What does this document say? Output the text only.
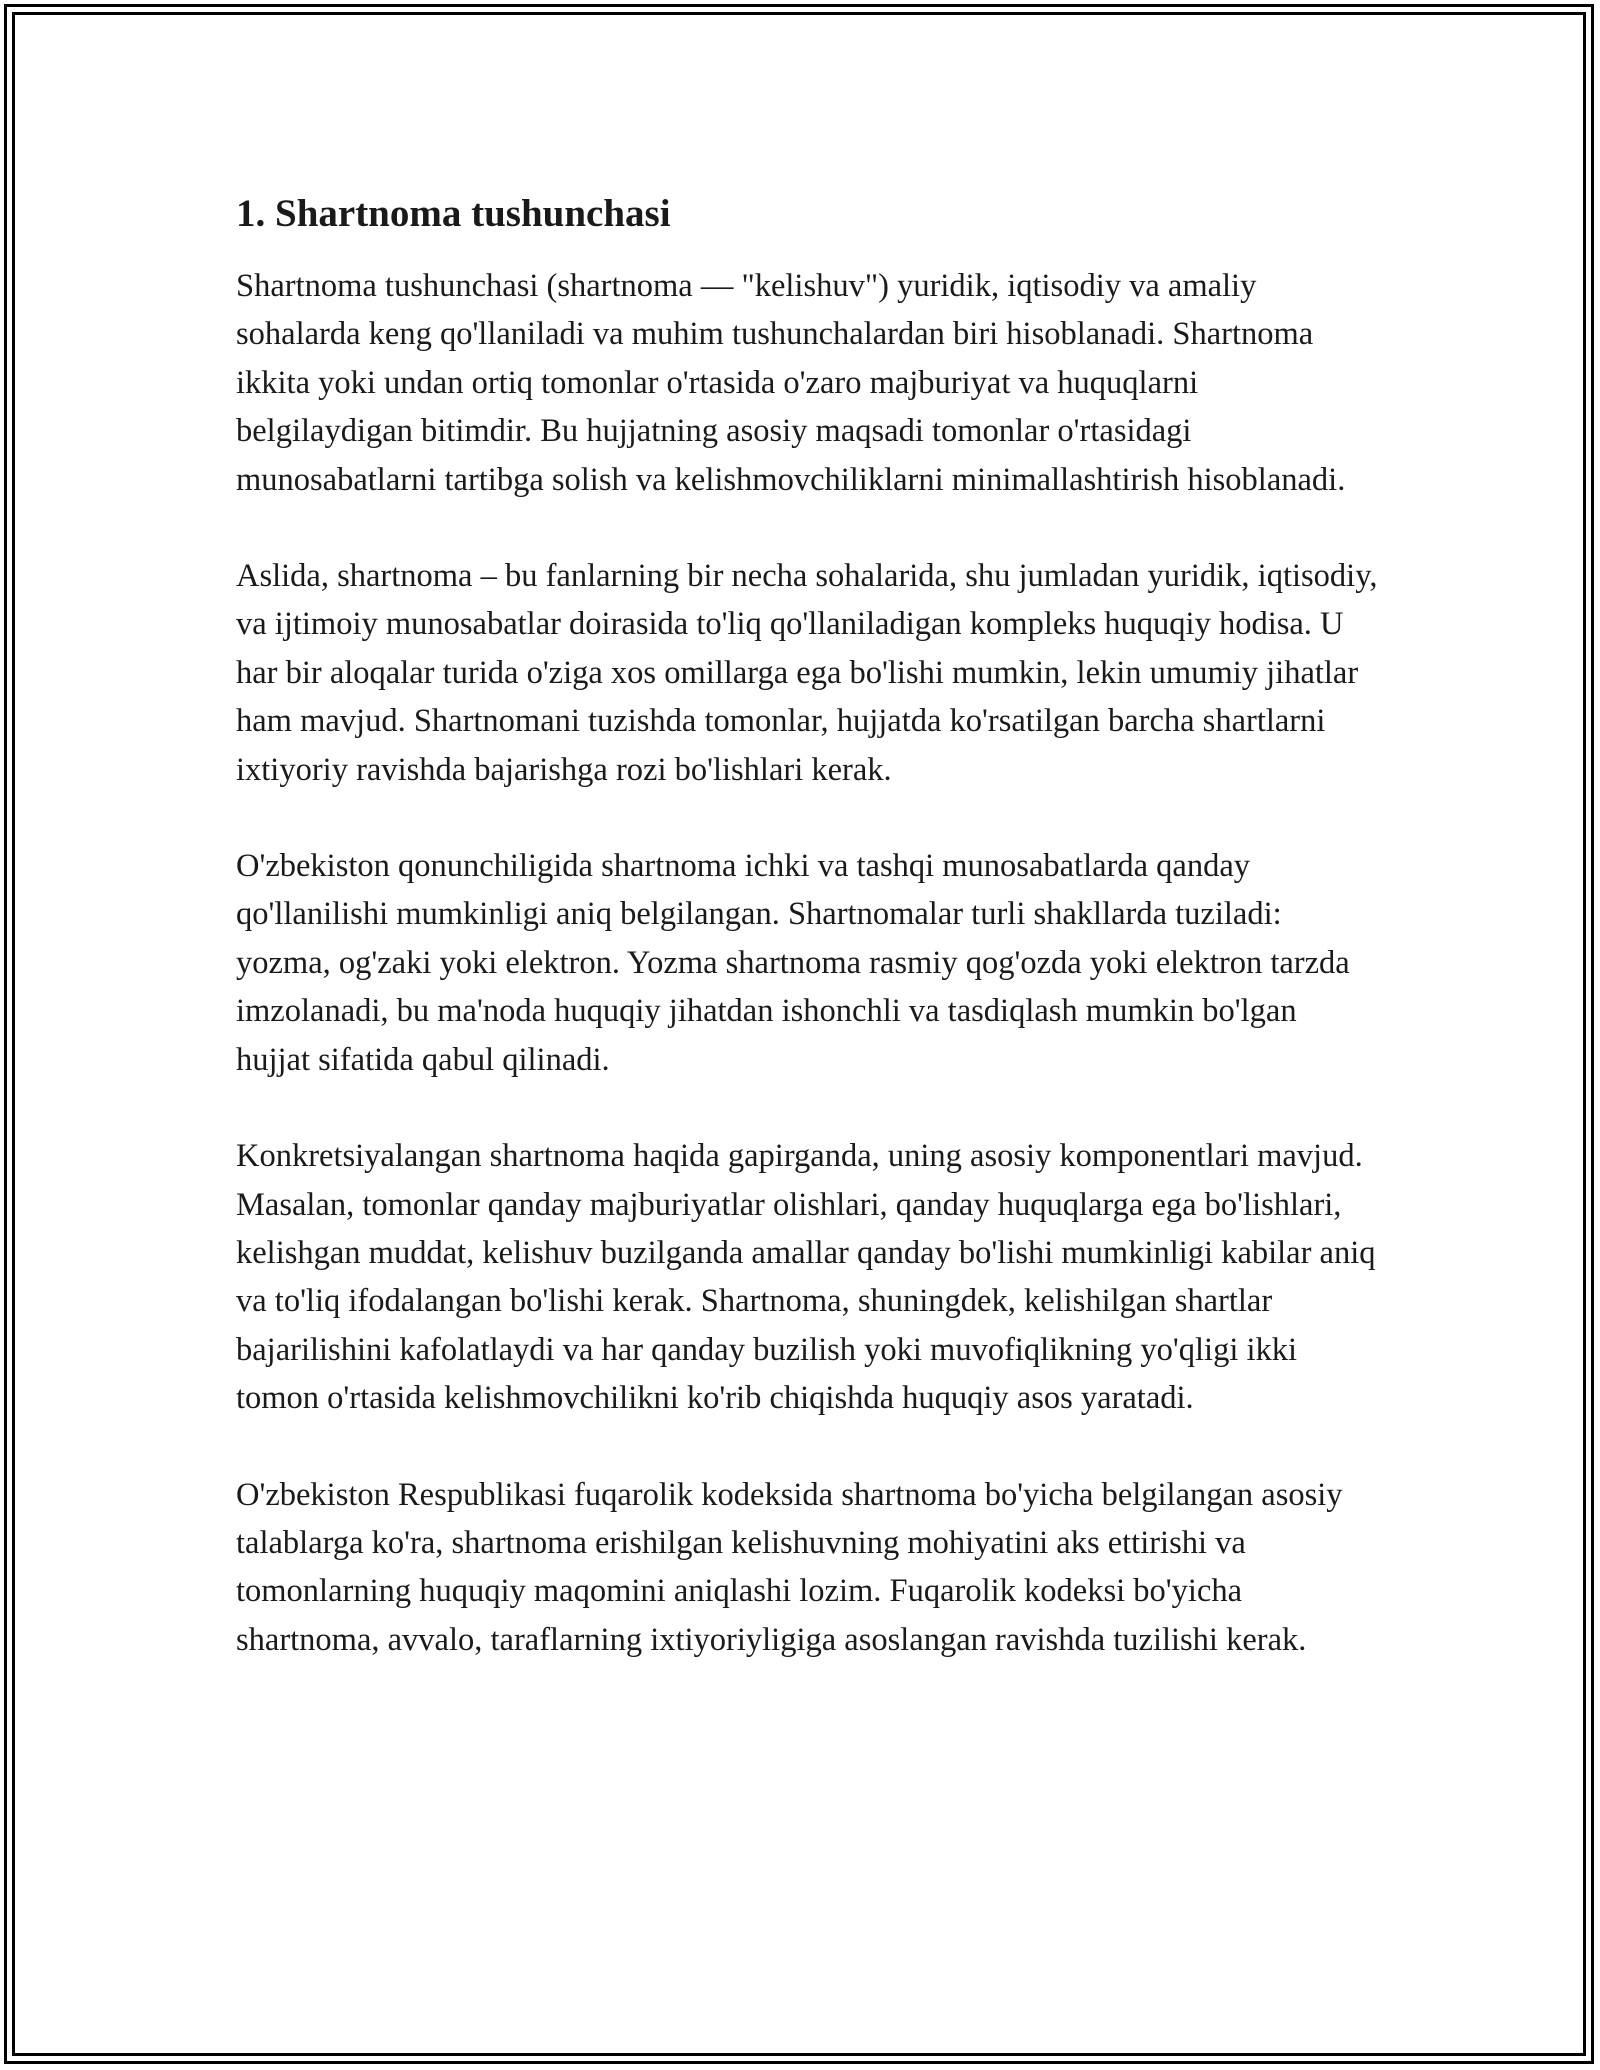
1. Shartnoma tushunchasi

Shartnoma tushunchasi (shartnoma — "kelishuv") yuridik, iqtisodiy va amaliy sohalarda keng qo'llaniladi va muhim tushunchalardan biri hisoblanadi. Shartnoma ikkita yoki undan ortiq tomonlar o'rtasida o'zaro majburiyat va huquqlarni belgilaydigan bitimdir. Bu hujjatning asosiy maqsadi tomonlar o'rtasidagi munosabatlarni tartibga solish va kelishmovchiliklarni minimallashtirish hisoblanadi.

Aslida, shartnoma – bu fanlarning bir necha sohalarida, shu jumladan yuridik, iqtisodiy, va ijtimoiy munosabatlar doirasida to'liq qo'llaniladigan kompleks huquqiy hodisa. U har bir aloqalar turida o'ziga xos omillarga ega bo'lishi mumkin, lekin umumiy jihatlar ham mavjud. Shartnomani tuzishda tomonlar, hujjatda ko'rsatilgan barcha shartlarni ixtiyoriy ravishda bajarishga rozi bo'lishlari kerak.

O'zbekiston qonunchiligida shartnoma ichki va tashqi munosabatlarda qanday qo'llanilishi mumkinligi aniq belgilangan. Shartnomalar turli shakllarda tuziladi: yozma, og'zaki yoki elektron. Yozma shartnoma rasmiy qog'ozda yoki elektron tarzda imzolanadi, bu ma'noda huquqiy jihatdan ishonchli va tasdiqlash mumkin bo'lgan hujjat sifatida qabul qilinadi.

Konkretsiyalangan shartnoma haqida gapirganda, uning asosiy komponentlari mavjud. Masalan, tomonlar qanday majburiyatlar olishlari, qanday huquqlarga ega bo'lishlari, kelishgan muddat, kelishuv buzilganda amallar qanday bo'lishi mumkinligi kabilar aniq va to'liq ifodalangan bo'lishi kerak. Shartnoma, shuningdek, kelishilgan shartlar bajarilishini kafolatlaydi va har qanday buzilish yoki muvofiqlikning yo'qligi ikki tomon o'rtasida kelishmovchilikni ko'rib chiqishda huquqiy asos yaratadi.

O'zbekiston Respublikasi fuqarolik kodeksida shartnoma bo'yicha belgilangan asosiy talablarga ko'ra, shartnoma erishilgan kelishuvning mohiyatini aks ettirishi va tomonlarning huquqiy maqomini aniqlashi lozim. Fuqarolik kodeksi bo'yicha shartnoma, avvalo, taraflarning ixtiyoriyligiga asoslangan ravishda tuzilishi kerak.
